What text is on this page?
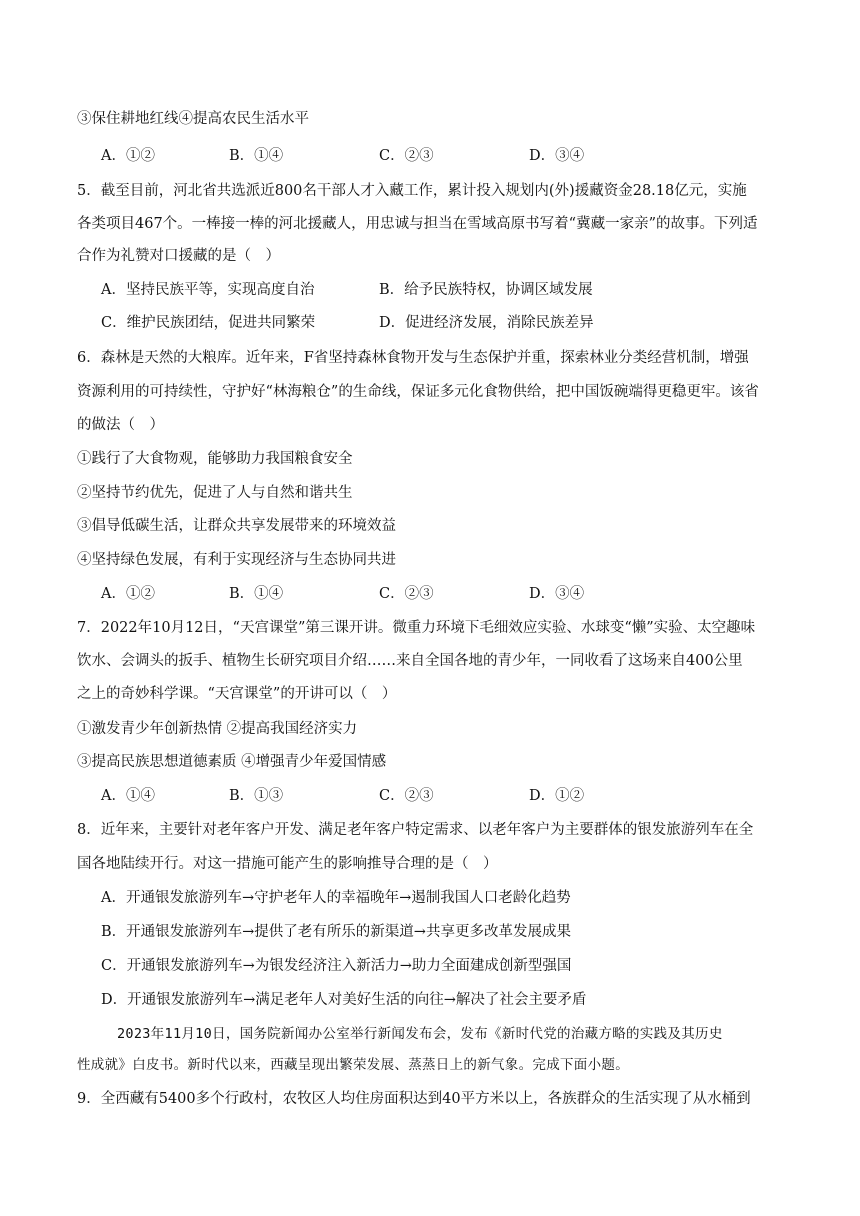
③保住耕地红线④提高农民生活水平
A．①②	B．①④	C．②③	D．③④
5．截至目前，河北省共选派近800名干部人才入藏工作，累计投入规划内(外)援藏资金28.18亿元，实施
各类项目467个。一棒接一棒的河北援藏人，用忠诚与担当在雪域高原书写着“冀藏一家亲”的故事。下列适
合作为礼赞对口援藏的是（　）
A．坚持民族平等，实现高度自治	B．给予民族特权，协调区域发展
C．维护民族团结，促进共同繁荣	D．促进经济发展，消除民族差异
6．森林是天然的大粮库。近年来，F省坚持森林食物开发与生态保护并重，探索林业分类经营机制，增强
资源利用的可持续性，守护好“林海粮仓”的生命线，保证多元化食物供给，把中国饭碗端得更稳更牢。该省
的做法（　）
①践行了大食物观，能够助力我国粮食安全
②坚持节约优先，促进了人与自然和谐共生
③倡导低碳生活，让群众共享发展带来的环境效益
④坚持绿色发展，有利于实现经济与生态协同共进
A．①②	B．①④	C．②③	D．③④
7．2022年10月12日，“天宫课堂”第三课开讲。微重力环境下毛细效应实验、水球变“懒”实验、太空趣味
饮水、会调头的扳手、植物生长研究项目介绍……来自全国各地的青少年，一同收看了这场来自400公里
之上的奇妙科学课。“天宫课堂”的开讲可以（　）
①激发青少年创新热情 ②提高我国经济实力
③提高民族思想道德素质 ④增强青少年爱国情感
A．①④	B．①③	C．②③	D．①②
8．近年来，主要针对老年客户开发、满足老年客户特定需求、以老年客户为主要群体的银发旅游列车在全
国各地陆续开行。对这一措施可能产生的影响推导合理的是（　）
A．开通银发旅游列车→守护老年人的幸福晚年→遏制我国人口老龄化趋势
B．开通银发旅游列车→提供了老有所乐的新渠道→共享更多改革发展成果
C．开通银发旅游列车→为银发经济注入新活力→助力全面建成创新型强国
D．开通银发旅游列车→满足老年人对美好生活的向往→解决了社会主要矛盾
2023年11月10日，国务院新闻办公室举行新闻发布会，发布《新时代党的治藏方略的实践及其历史
性成就》白皮书。新时代以来，西藏呈现出繁荣发展、蒸蒸日上的新气象。完成下面小题。
9．全西藏有5400多个行政村，农牧区人均住房面积达到40平方米以上，各族群众的生活实现了从水桶到
